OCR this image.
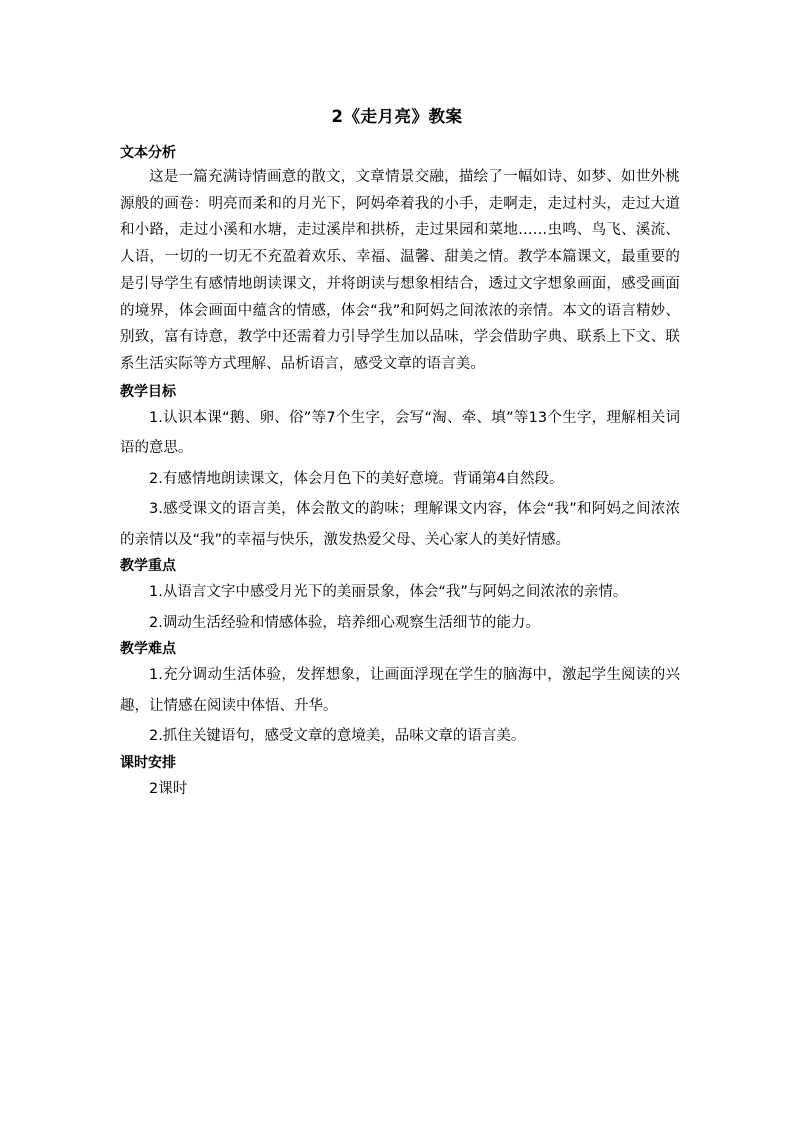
2《走月亮》教案
文本分析

这是一篇充满诗情画意的散文，文章情景交融，描绘了一幅如诗、如梦、如世外桃源般的画卷：明亮而柔和的月光下，阿妈牵着我的小手，走啊走，走过村头，走过大道和小路，走过小溪和水塘，走过溪岸和拱桥，走过果园和菜地……虫鸣、鸟飞、溪流、人语，一切的一切无不充盈着欢乐、幸福、温馨、甜美之情。教学本篇课文，最重要的是引导学生有感情地朗读课文，并将朗读与想象相结合，透过文字想象画面，感受画面的境界，体会画面中蕴含的情感，体会“我”和阿妈之间浓浓的亲情。本文的语言精妙、别致，富有诗意，教学中还需着力引导学生加以品味，学会借助字典、联系上下文、联系生活实际等方式理解、品析语言，感受文章的语言美。

教学目标

1.认识本课“鹅、卵、俗”等7个生字，会写“淘、牵、填”等13个生字，理解相关词语的意思。

2.有感情地朗读课文，体会月色下的美好意境。背诵第4自然段。

3.感受课文的语言美，体会散文的韵味；理解课文内容，体会“我”和阿妈之间浓浓的亲情以及“我”的幸福与快乐，激发热爱父母、关心家人的美好情感。

教学重点

1.从语言文字中感受月光下的美丽景象，体会“我”与阿妈之间浓浓的亲情。

2.调动生活经验和情感体验，培养细心观察生活细节的能力。

教学难点

1.充分调动生活体验，发挥想象，让画面浮现在学生的脑海中，激起学生阅读的兴趣，让情感在阅读中体悟、升华。

2.抓住关键语句，感受文章的意境美，品味文章的语言美。

课时安排

2课时
